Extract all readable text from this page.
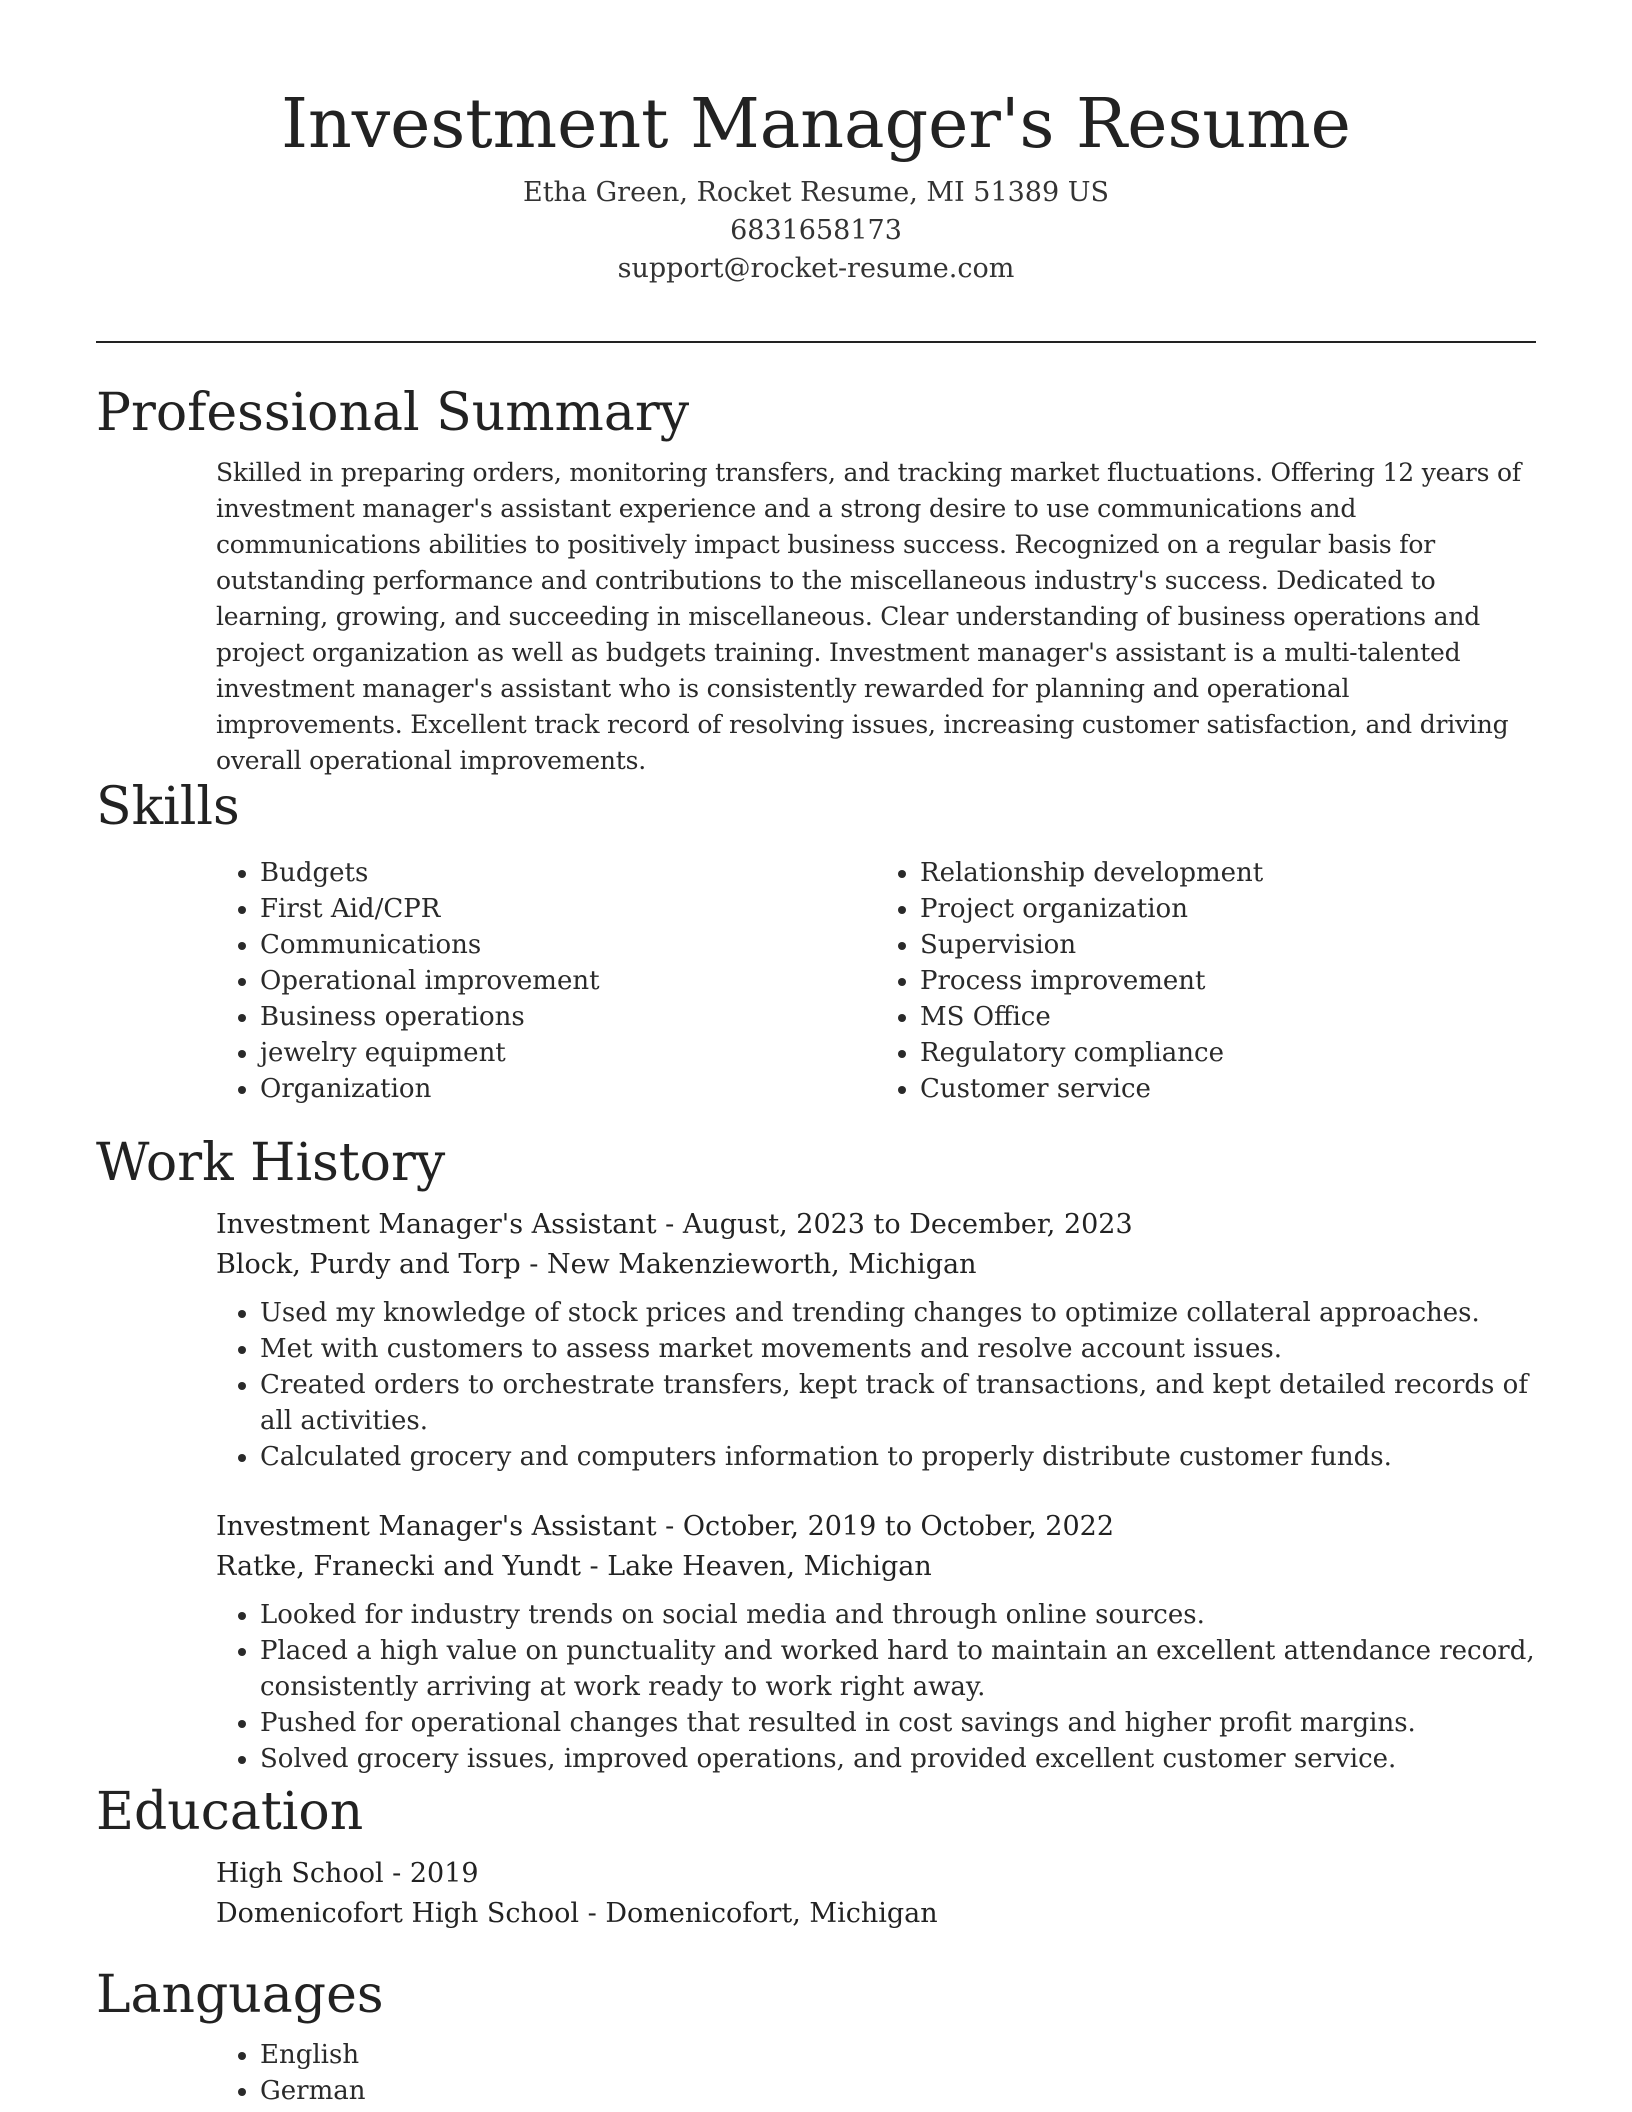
Investment Manager's Resume
Etha Green, Rocket Resume, MI 51389 US
6831658173
support@rocket-resume.com
Professional Summary

Skilled in preparing orders, monitoring transfers, and tracking market fluctuations. Offering 12 years of investment manager's assistant experience and a strong desire to use communications and communications abilities to positively impact business success. Recognized on a regular basis for outstanding performance and contributions to the miscellaneous industry's success. Dedicated to learning, growing, and succeeding in miscellaneous. Clear understanding of business operations and project organization as well as budgets training. Investment manager's assistant is a multi-talented investment manager's assistant who is consistently rewarded for planning and operational improvements. Excellent track record of resolving issues, increasing customer satisfaction, and driving overall operational improvements.

Skills
• Budgets
• First Aid/CPR
• Communications
• Operational improvement
• Business operations
• jewelry equipment
• Organization
• Relationship development
• Project organization
• Supervision
• Process improvement
• MS Office
• Regulatory compliance
• Customer service
Work History
Investment Manager's Assistant - August, 2023 to December, 2023
Block, Purdy and Torp - New Makenzieworth, Michigan
• Used my knowledge of stock prices and trending changes to optimize collateral approaches.
• Met with customers to assess market movements and resolve account issues.
• Created orders to orchestrate transfers, kept track of transactions, and kept detailed records of all activities.
• Calculated grocery and computers information to properly distribute customer funds.
Investment Manager's Assistant - October, 2019 to October, 2022
Ratke, Franecki and Yundt - Lake Heaven, Michigan
• Looked for industry trends on social media and through online sources.
• Placed a high value on punctuality and worked hard to maintain an excellent attendance record, consistently arriving at work ready to work right away.
• Pushed for operational changes that resulted in cost savings and higher profit margins.
• Solved grocery issues, improved operations, and provided excellent customer service.
Education
High School - 2019
Domenicofort High School - Domenicofort, Michigan
Languages
• English
• German
